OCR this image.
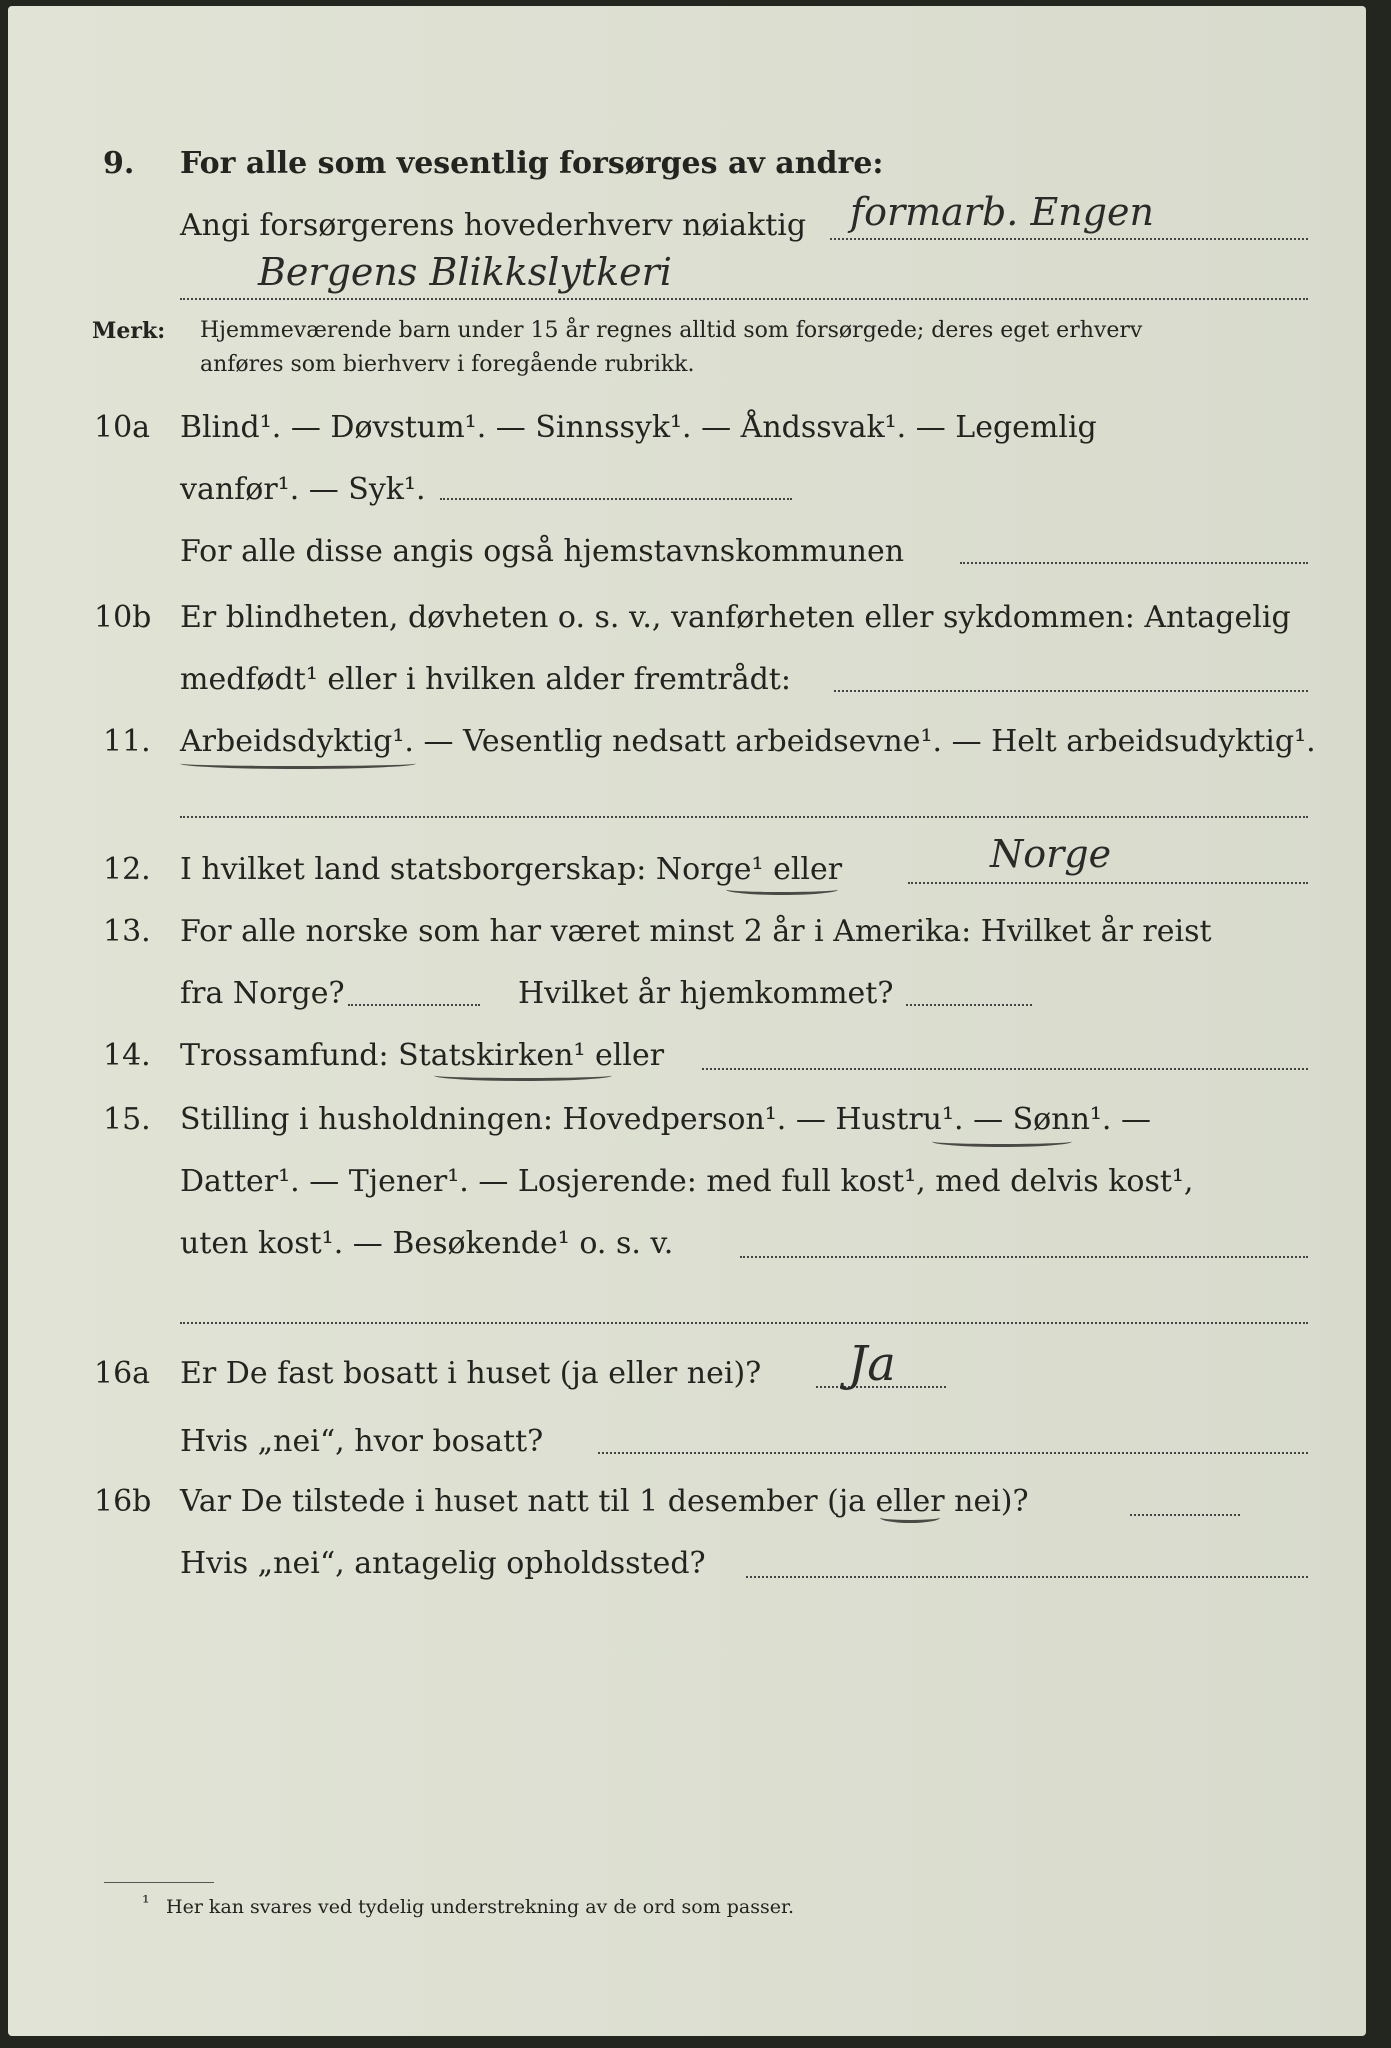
9. For alle som vesentlig forsørges av andre:
Angi forsørgerens hovederhverv nøiaktig formarb. Engen
Bergens Blikkslytkeri
Merk: Hjemmeværende barn under 15 år regnes alltid som forsørgede; deres eget erhverv
anføres som bierhverv i foregående rubrikk.
10a Blind¹. — Døvstum¹. — Sinnssyk¹. — Åndssvak¹. — Legemlig
vanfør¹. — Syk¹.
For alle disse angis også hjemstavnskommunen
10b Er blindheten, døvheten o. s. v., vanførheten eller sykdommen: Antagelig
medfødt¹ eller i hvilken alder fremtrådt:
11. Arbeidsdyktig¹. — Vesentlig nedsatt arbeidsevne¹. — Helt arbeidsudyktig¹.
12. I hvilket land statsborgerskap: Norge¹ eller	Norge
13. For alle norske som har været minst 2 år i Amerika: Hvilket år reist
fra Norge?	Hvilket år hjemkommet?
14. Trossamfund: Statskirken¹ eller
15. Stilling i husholdningen: Hovedperson¹. — Hustru¹. — Sønn¹. —
Datter¹. — Tjener¹. — Losjerende: med full kost¹, med delvis kost¹,
uten kost¹. — Besøkende¹ o. s. v.
16a Er De fast bosatt i huset (ja eller nei)? Ja
Hvis „nei“, hvor bosatt?
16b Var De tilstede i huset natt til 1 desember (ja eller nei)?
Hvis „nei“, antagelig opholdssted?
¹ Her kan svares ved tydelig understrekning av de ord som passer.
